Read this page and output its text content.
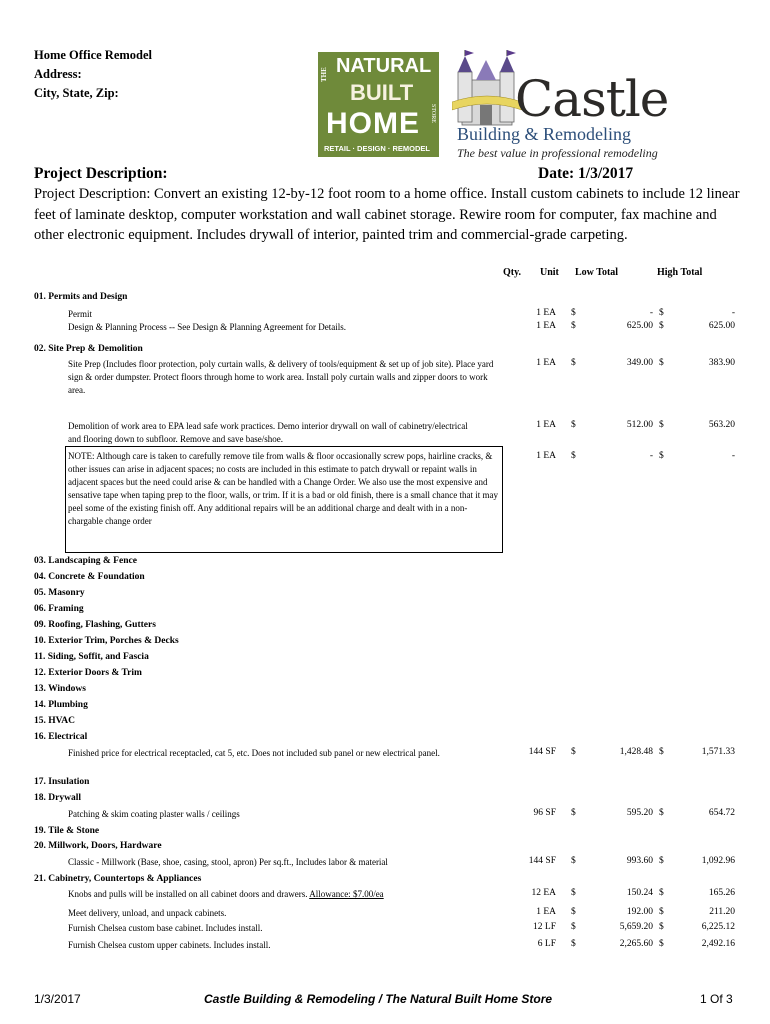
Home Office Remodel
Address:
City, State, Zip:
THE NATURAL
BUILT
HOME STORE
RETAIL · DESIGN · REMODEL
Castle
Building & Remodeling
The best value in professional remodeling
Project Description:	Date: 1/3/2017
Project Description: Convert an existing 12-by-12 foot room to a home office. Install custom cabinets to include 12 linear feet of laminate desktop, computer workstation and wall cabinet storage. Rewire room for computer, fax machine and other electronic equipment. Includes drywall of interior, painted trim and commercial-grade carpeting.
Qty. Unit Low Total	High Total
01. Permits and Design
Permit	1 EA $	- $	-
Design & Planning Process -- See Design & Planning Agreement for Details.	1 EA $	625.00 $	625.00
02. Site Prep & Demolition
Site Prep (Includes floor protection, poly curtain walls, & delivery of tools/equipment & set up of job site). Place yard sign & order dumpster. Protect floors through home to work area. Install poly curtain walls and zipper doors to work area.
1 EA $	349.00 $	383.90
Demolition of work area to EPA lead safe work practices. Demo interior drywall on wall of cabinetry/electrical and flooring down to subfloor. Remove and save base/shoe.
1 EA $	512.00 $	563.20
NOTE: Although care is taken to carefully remove tile from walls & floor occasionally screw pops, hairline cracks, & other issues can arise in adjacent spaces; no costs are included in this estimate to patch drywall or repaint walls in adjacent spaces but the need could arise & can be handled with a Change Order. We also use the most expensive and sensative tape when taping prep to the floor, walls, or trim. If it is a bad or old finish, there is a small chance that it may peel some of the existing finish off. Any additional repairs will be an additional charge and dealt with in a non-chargable change order
1 EA $	- $	-
03. Landscaping & Fence
04. Concrete & Foundation
05. Masonry
06. Framing
09. Roofing, Flashing, Gutters
10. Exterior Trim, Porches & Decks
11. Siding, Soffit, and Fascia
12. Exterior Doors & Trim
13. Windows
14. Plumbing
15. HVAC
16. Electrical
Finished price for electrical receptacled, cat 5, etc. Does not included sub panel or new electrical panel.	144 SF $	1,428.48 $	1,571.33
17. Insulation
18. Drywall
Patching & skim coating plaster walls / ceilings	96 SF $	595.20 $	654.72
19. Tile & Stone
20. Millwork, Doors, Hardware
Classic - Millwork (Base, shoe, casing, stool, apron) Per sq.ft., Includes labor & material	144 SF $	993.60 $	1,092.96
21. Cabinetry, Countertops & Appliances
Knobs and pulls will be installed on all cabinet doors and drawers. Allowance: $7.00/ea	12 EA $	150.24 $	165.26
Meet delivery, unload, and unpack cabinets.	1 EA $	192.00 $	211.20
Furnish Chelsea custom base cabinet. Includes install.	12 LF $	5,659.20 $	6,225.12
Furnish Chelsea custom upper cabinets. Includes install.	6 LF $	2,265.60 $	2,492.16
1/3/2017	Castle Building & Remodeling / The Natural Built Home Store	1 Of 3
